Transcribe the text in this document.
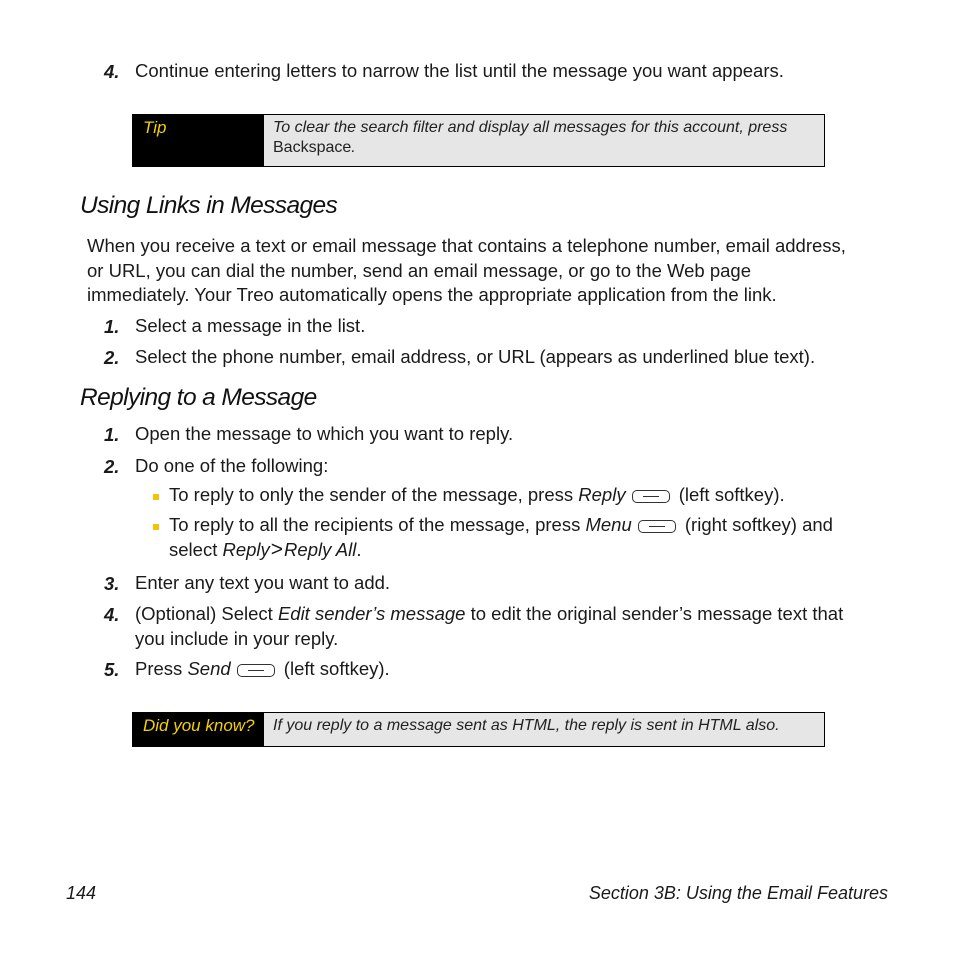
4. Continue entering letters to narrow the list until the message you want appears.
Tip	To clear the search filter and display all messages for this account, press
Backspace.
Using Links in Messages
When you receive a text or email message that contains a telephone number, email address,
or URL, you can dial the number, send an email message, or go to the Web page
immediately. Your Treo automatically opens the appropriate application from the link.
1. Select a message in the list.
2. Select the phone number, email address, or URL (appears as underlined blue text).
Replying to a Message
1. Open the message to which you want to reply.
2. Do one of the following:
To reply to only the sender of the message, press Reply	(left softkey).
To reply to all the recipients of the message, press Menu	(right softkey) and
select Reply>Reply All.
3. Enter any text you want to add.
4. (Optional) Select Edit sender’s message to edit the original sender’s message text that
you include in your reply.
5. Press Send	(left softkey).
Did you know?	If you reply to a message sent as HTML, the reply is sent in HTML also.
144	Section 3B: Using the Email Features
